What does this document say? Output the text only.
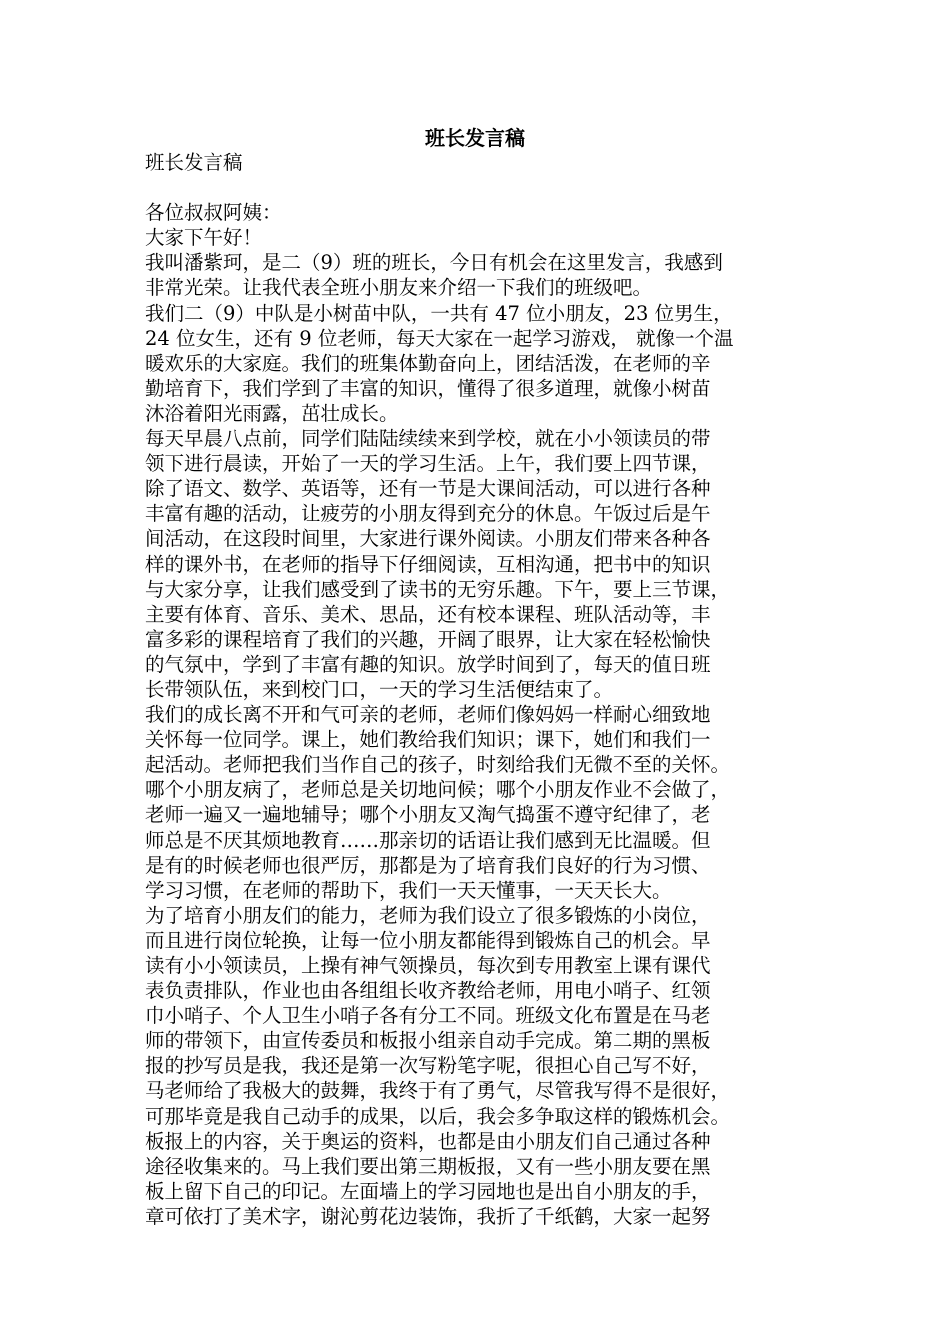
班长发言稿
班长发言稿
各位叔叔阿姨：
大家下午好！
我叫潘紫珂，是二（9）班的班长，今日有机会在这里发言，我感到
非常光荣。让我代表全班小朋友来介绍一下我们的班级吧。
我们二（9）中队是小树苗中队，一共有 47 位小朋友，23 位男生，
24 位女生，还有 9 位老师，每天大家在一起学习游戏， 就像一个温
暖欢乐的大家庭。我们的班集体勤奋向上，团结活泼，在老师的辛
勤培育下，我们学到了丰富的知识，懂得了很多道理，就像小树苗
沐浴着阳光雨露，茁壮成长。
每天早晨八点前，同学们陆陆续续来到学校，就在小小领读员的带
领下进行晨读，开始了一天的学习生活。上午，我们要上四节课，
除了语文、数学、英语等，还有一节是大课间活动，可以进行各种
丰富有趣的活动，让疲劳的小朋友得到充分的休息。午饭过后是午
间活动，在这段时间里，大家进行课外阅读。小朋友们带来各种各
样的课外书，在老师的指导下仔细阅读，互相沟通，把书中的知识
与大家分享，让我们感受到了读书的无穷乐趣。下午，要上三节课，
主要有体育、音乐、美术、思品，还有校本课程、班队活动等，丰
富多彩的课程培育了我们的兴趣，开阔了眼界，让大家在轻松愉快
的气氛中，学到了丰富有趣的知识。放学时间到了，每天的值日班
长带领队伍，来到校门口，一天的学习生活便结束了。
我们的成长离不开和气可亲的老师，老师们像妈妈一样耐心细致地
关怀每一位同学。课上，她们教给我们知识；课下，她们和我们一
起活动。老师把我们当作自己的孩子，时刻给我们无微不至的关怀。
哪个小朋友病了，老师总是关切地问候；哪个小朋友作业不会做了，
老师一遍又一遍地辅导；哪个小朋友又淘气捣蛋不遵守纪律了，老
师总是不厌其烦地教育……那亲切的话语让我们感到无比温暖。但
是有的时候老师也很严厉，那都是为了培育我们良好的行为习惯、
学习习惯，在老师的帮助下，我们一天天懂事，一天天长大。
为了培育小朋友们的能力，老师为我们设立了很多锻炼的小岗位，
而且进行岗位轮换，让每一位小朋友都能得到锻炼自己的机会。早
读有小小领读员，上操有神气领操员，每次到专用教室上课有课代
表负责排队，作业也由各组组长收齐教给老师，用电小哨子、红领
巾小哨子、个人卫生小哨子各有分工不同。班级文化布置是在马老
师的带领下，由宣传委员和板报小组亲自动手完成。第二期的黑板
报的抄写员是我，我还是第一次写粉笔字呢，很担心自己写不好，
马老师给了我极大的鼓舞，我终于有了勇气，尽管我写得不是很好，
可那毕竟是我自己动手的成果，以后，我会多争取这样的锻炼机会。
板报上的内容，关于奥运的资料，也都是由小朋友们自己通过各种
途径收集来的。马上我们要出第三期板报，又有一些小朋友要在黑
板上留下自己的印记。左面墙上的学习园地也是出自小朋友的手，
章可依打了美术字，谢沁剪花边装饰，我折了千纸鹤，大家一起努
